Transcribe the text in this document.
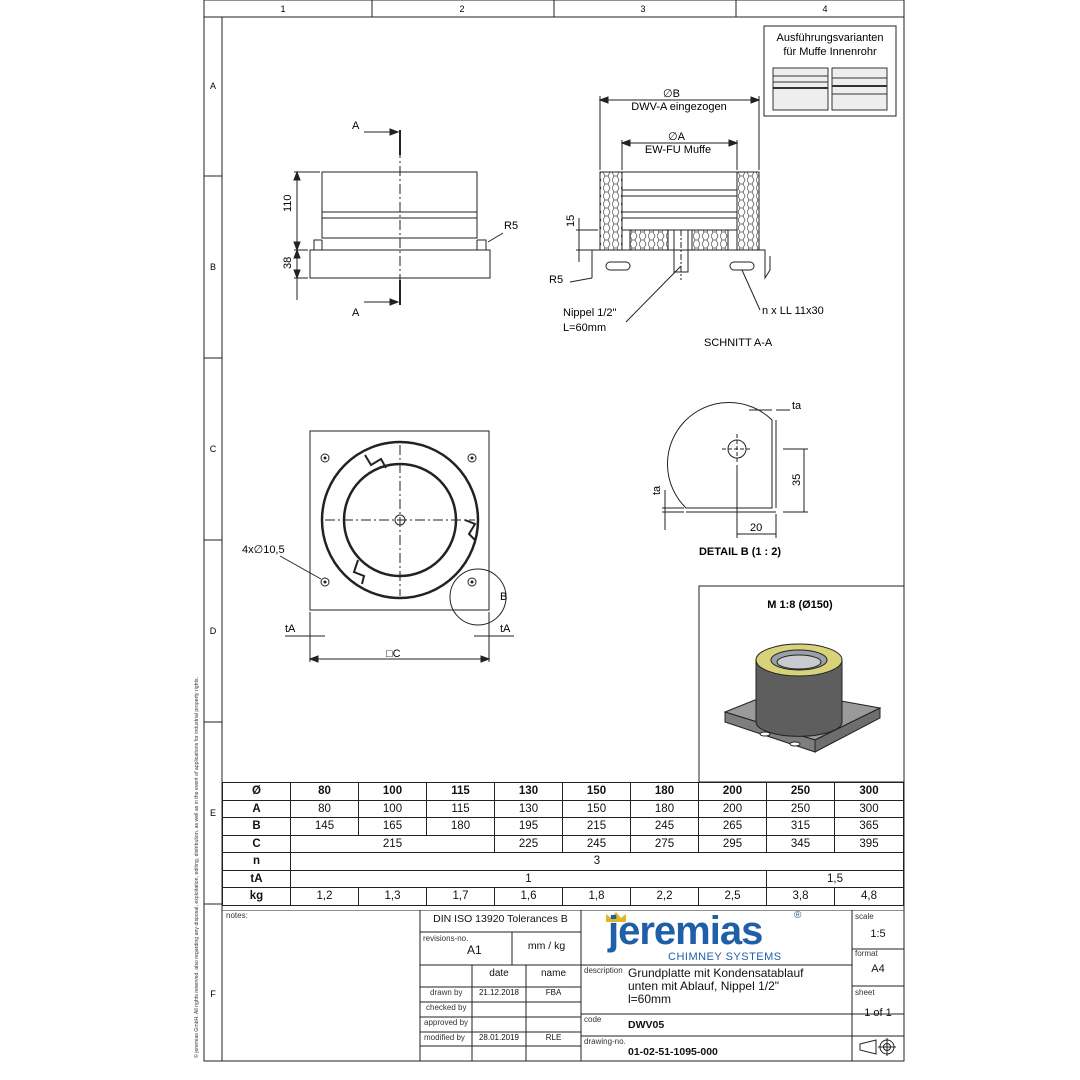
1	2	3	4
A
B
C
D
E
F
© jeremias GmbH. All rights reserved, also regarding any disposal, exploitation, editing, distribution, as well as in the event of applications for industrial property rights.
Ausführungsvarianten
für Muffe Innenrohr
110
38
R5
A
A
∅B
DWV-A eingezogen
∅A
EW-FU Muffe
15
R5
Nippel 1/2"
L=60mm
n x LL 11x30
SCHNITT A-A
4x∅10,5
B
tA	tA
□C
ta
ta
35
20
DETAIL B (1 : 2)
M 1:8 (Ø150)
Ø	80	100	115	130	150	180	200	250	300
A	80	100	115	130	150	180	200	250	300
B	145	165	180	195	215	245	265	315	365
C	215			225	245	275	295	345	395
n	3								
tA	1							1,5	
kg	1,2	1,3	1,7	1,6	1,8	2,2	2,5	3,8	4,8
notes:	DIN ISO 13920 Tolerances B
revisions-no.
A1	mm / kg
date	name
drawn by	21.12.2018	FBA
checked by
approved by
modified by	28.01.2019	RLE
jeremias	®
CHIMNEY SYSTEMS
description Grundplatte mit Kondensatablauf
unten mit Ablauf, Nippel 1/2"
l=60mm
code	DWV05
drawing-no.
01-02-51-1095-000
scale
1:5
format
A4
sheet
1 of 1
